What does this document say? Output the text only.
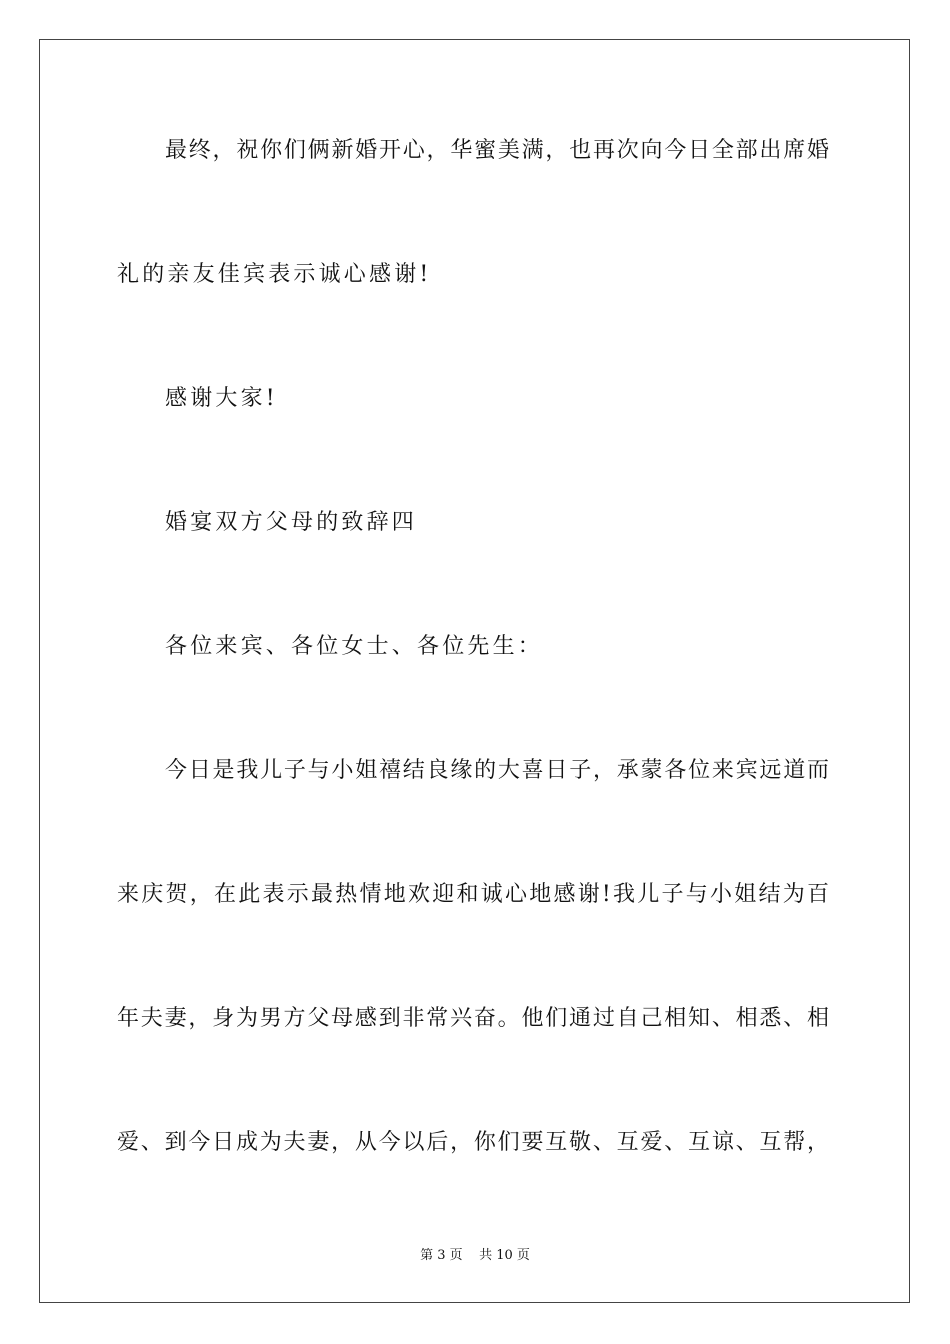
最终，祝你们俩新婚开心，华蜜美满，也再次向今日全部出席婚
礼的亲友佳宾表示诚心感谢!
感谢大家!
婚宴双方父母的致辞四
各位来宾、各位女士、各位先生：
今日是我儿子与小姐禧结良缘的大喜日子，承蒙各位来宾远道而
来庆贺，在此表示最热情地欢迎和诚心地感谢!我儿子与小姐结为百
年夫妻，身为男方父母感到非常兴奋。他们通过自己相知、相悉、相
爱、到今日成为夫妻，从今以后，你们要互敬、互爱、互谅、互帮，
第 3 页    共 10 页
